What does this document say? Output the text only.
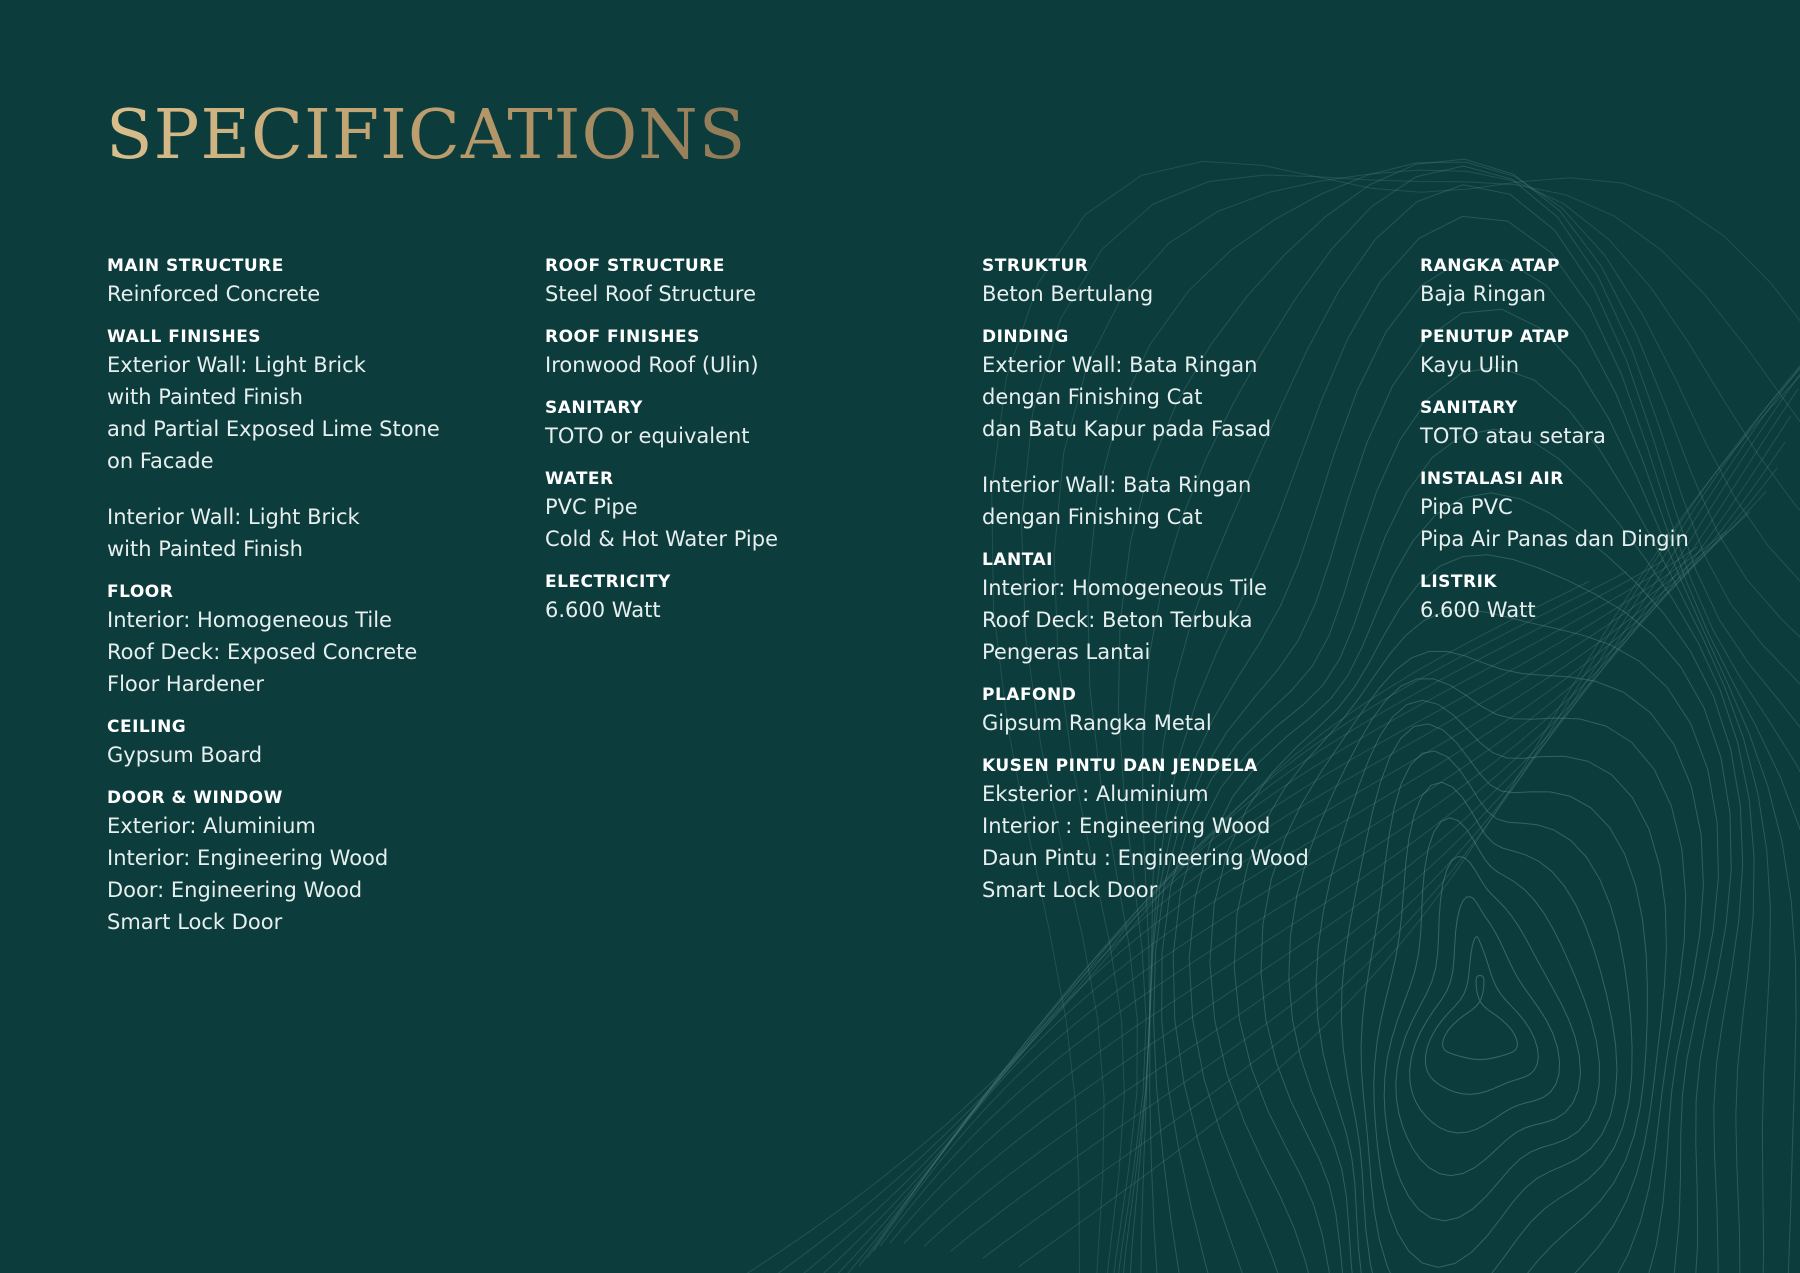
SPECIFICATIONS
MAIN STRUCTURE
Reinforced Concrete
WALL FINISHES
Exterior Wall: Light Brick
with Painted Finish
and Partial Exposed Lime Stone
on Facade
Interior Wall: Light Brick
with Painted Finish
FLOOR
Interior: Homogeneous Tile
Roof Deck: Exposed Concrete
Floor Hardener
CEILING
Gypsum Board
DOOR & WINDOW
Exterior: Aluminium
Interior: Engineering Wood
Door: Engineering Wood
Smart Lock Door
ROOF STRUCTURE
Steel Roof Structure
ROOF FINISHES
Ironwood Roof (Ulin)
SANITARY
TOTO or equivalent
WATER
PVC Pipe
Cold & Hot Water Pipe
ELECTRICITY
6.600 Watt
STRUKTUR
Beton Bertulang
DINDING
Exterior Wall: Bata Ringan
dengan Finishing Cat
dan Batu Kapur pada Fasad
Interior Wall: Bata Ringan
dengan Finishing Cat
LANTAI
Interior: Homogeneous Tile
Roof Deck: Beton Terbuka
Pengeras Lantai
PLAFOND
Gipsum Rangka Metal
KUSEN PINTU DAN JENDELA
Eksterior : Aluminium
Interior : Engineering Wood
Daun Pintu : Engineering Wood
Smart Lock Door
RANGKA ATAP
Baja Ringan
PENUTUP ATAP
Kayu Ulin
SANITARY
TOTO atau setara
INSTALASI AIR
Pipa PVC
Pipa Air Panas dan Dingin
LISTRIK
6.600 Watt
